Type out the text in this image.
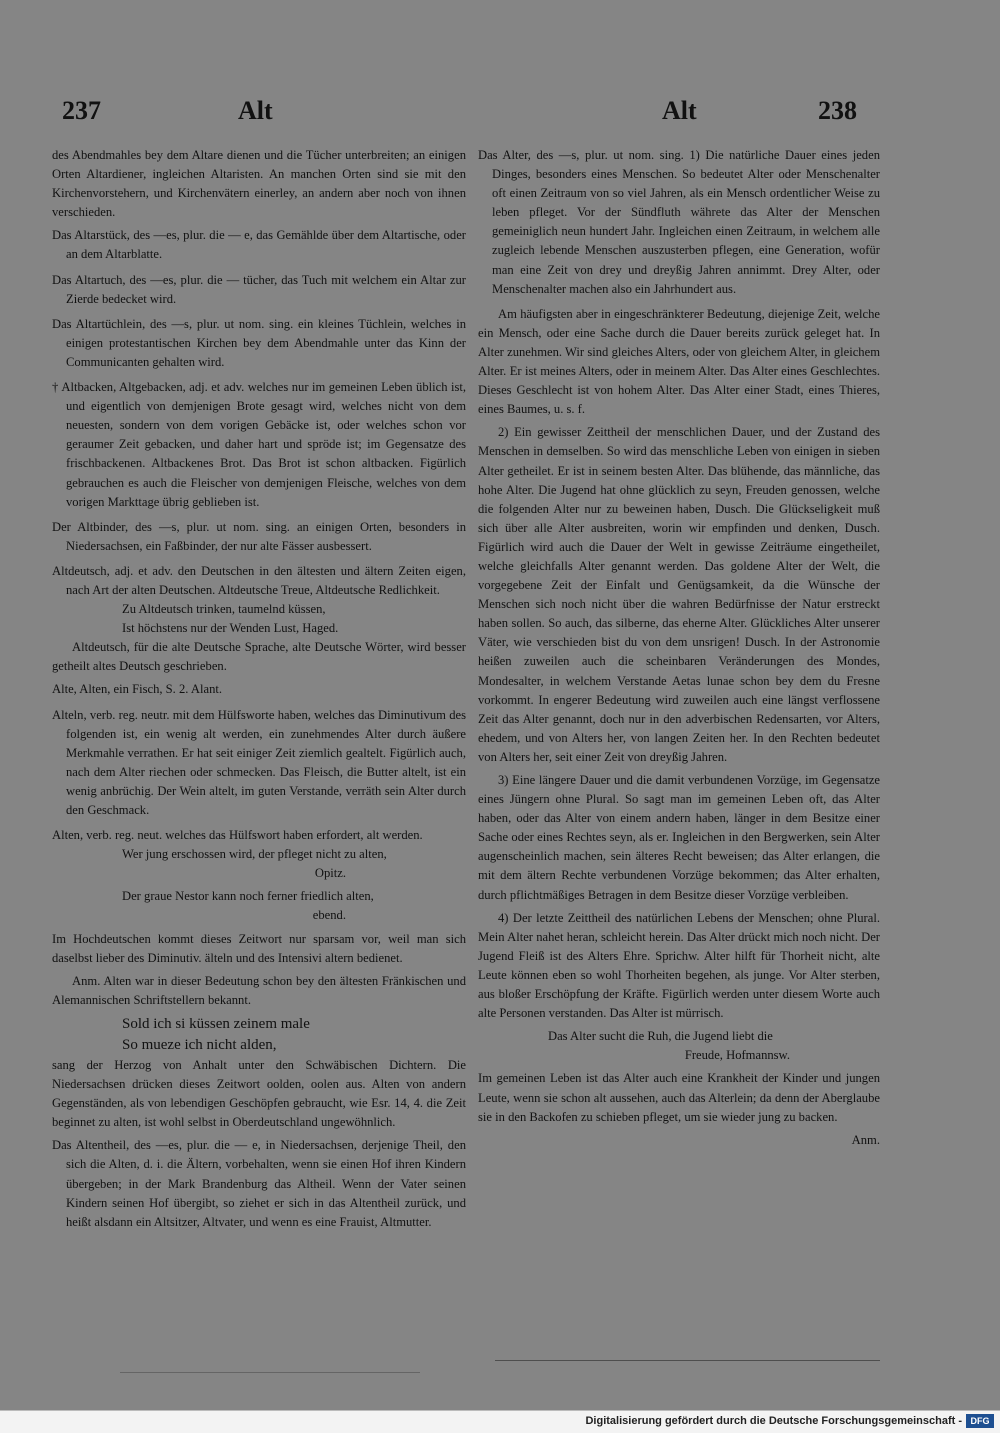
237	Alt	Alt	238

des Abendmahles bey dem Altare dienen und die Tücher unterbreiten; an einigen Orten Altardiener, ingleichen Altaristen. An manchen Orten sind sie mit den Kirchenvorstehern, und Kirchenvätern einerley, an andern aber noch von ihnen verschieden.

Das Altarstück, des —es, plur. die — e, das Gemählde über dem Altartische, oder an dem Altarblatte.

Das Altartuch, des —es, plur. die — tücher, das Tuch mit welchem ein Altar zur Zierde bedecket wird.

Das Altartüchlein, des —s, plur. ut nom. sing. ein kleines Tüchlein, welches in einigen protestantischen Kirchen bey dem Abendmahle unter das Kinn der Communicanten gehalten wird.

† Altbacken, Altgebacken, adj. et adv. welches nur im gemeinen Leben üblich ist, und eigentlich von demjenigen Brote gesagt wird, welches nicht von dem neuesten, sondern von dem vorigen Gebäcke ist, oder welches schon vor geraumer Zeit gebacken, und daher hart und spröde ist; im Gegensatze des frischbackenen. Altbackenes Brot. Das Brot ist schon altbacken. Figürlich gebrauchen es auch die Fleischer von demjenigen Fleische, welches von dem vorigen Markttage übrig geblieben ist.

Der Altbinder, des —s, plur. ut nom. sing. an einigen Orten, besonders in Niedersachsen, ein Faßbinder, der nur alte Fässer ausbessert.

Altdeutsch, adj. et adv. den Deutschen in den ältesten und ältern Zeiten eigen, nach Art der alten Deutschen. Altdeutsche Treue, Altdeutsche Redlichkeit.

Zu Altdeutsch trinken, taumelnd küssen,

Ist höchstens nur der Wenden Lust, Haged.

Altdeutsch, für die alte Deutsche Sprache, alte Deutsche Wörter, wird besser getheilt altes Deutsch geschrieben.

Alte, Alten, ein Fisch, S. 2. Alant.

Alteln, verb. reg. neutr. mit dem Hülfsworte haben, welches das Diminutivum des folgenden ist, ein wenig alt werden, ein zunehmendes Alter durch äußere Merkmahle verrathen. Er hat seit einiger Zeit ziemlich gealtelt. Figürlich auch, nach dem Alter riechen oder schmecken. Das Fleisch, die Butter altelt, ist ein wenig anbrüchig. Der Wein altelt, im guten Verstande, verräth sein Alter durch den Geschmack.

Alten, verb. reg. neut. welches das Hülfswort haben erfordert, alt werden.

Wer jung erschossen wird, der pfleget nicht zu alten,

Opitz.

Der graue Nestor kann noch ferner friedlich alten,

ebend.

Im Hochdeutschen kommt dieses Zeitwort nur sparsam vor, weil man sich daselbst lieber des Diminutiv. älteln und des Intensivi altern bedienet.

Anm. Alten war in dieser Bedeutung schon bey den ältesten Fränkischen und Alemannischen Schriftstellern bekannt.

Sold ich si küssen zeinem male

So mueze ich nicht alden,

sang der Herzog von Anhalt unter den Schwäbischen Dichtern. Die Niedersachsen drücken dieses Zeitwort oolden, oolen aus. Alten von andern Gegenständen, als von lebendigen Geschöpfen gebraucht, wie Esr. 14, 4. die Zeit beginnet zu alten, ist wohl selbst in Oberdeutschland ungewöhnlich.

Das Altentheil, des —es, plur. die — e, in Niedersachsen, derjenige Theil, den sich die Alten, d. i. die Ältern, vorbehalten, wenn sie einen Hof ihren Kindern übergeben; in der Mark Brandenburg das Altheil. Wenn der Vater seinen Kindern seinen Hof übergibt, so ziehet er sich in das Altentheil zurück, und heißt alsdann ein Altsitzer, Altvater, und wenn es eine Frauist, Altmutter.

Das Alter, des —s, plur. ut nom. sing. 1) Die natürliche Dauer eines jeden Dinges, besonders eines Menschen. So bedeutet Alter oder Menschenalter oft einen Zeitraum von so viel Jahren, als ein Mensch ordentlicher Weise zu leben pfleget. Vor der Sündfluth währete das Alter der Menschen gemeiniglich neun hundert Jahr. Ingleichen einen Zeitraum, in welchem alle zugleich lebende Menschen auszusterben pflegen, eine Generation, wofür man eine Zeit von drey und dreyßig Jahren annimmt. Drey Alter, oder Menschenalter machen also ein Jahrhundert aus.

Am häufigsten aber in eingeschränkterer Bedeutung, diejenige Zeit, welche ein Mensch, oder eine Sache durch die Dauer bereits zurück geleget hat. In Alter zunehmen. Wir sind gleiches Alters, oder von gleichem Alter, in gleichem Alter. Er ist meines Alters, oder in meinem Alter. Das Alter eines Geschlechtes. Dieses Geschlecht ist von hohem Alter. Das Alter einer Stadt, eines Thieres, eines Baumes, u. s. f.

2) Ein gewisser Zeittheil der menschlichen Dauer, und der Zustand des Menschen in demselben. So wird das menschliche Leben von einigen in sieben Alter getheilet. Er ist in seinem besten Alter. Das blühende, das männliche, das hohe Alter. Die Jugend hat ohne glücklich zu seyn, Freuden genossen, welche die folgenden Alter nur zu beweinen haben, Dusch. Die Glückseligkeit muß sich über alle Alter ausbreiten, worin wir empfinden und denken, Dusch. Figürlich wird auch die Dauer der Welt in gewisse Zeiträume eingetheilet, welche gleichfalls Alter genannt werden. Das goldene Alter der Welt, die vorgegebene Zeit der Einfalt und Genügsamkeit, da die Wünsche der Menschen sich noch nicht über die wahren Bedürfnisse der Natur erstreckt haben sollen. So auch, das silberne, das eherne Alter. Glückliches Alter unserer Väter, wie verschieden bist du von dem unsrigen! Dusch. In der Astronomie heißen zuweilen auch die scheinbaren Veränderungen des Mondes, Mondesalter, in welchem Verstande Aetas lunae schon bey dem du Fresne vorkommt. In engerer Bedeutung wird zuweilen auch eine längst verflossene Zeit das Alter genannt, doch nur in den adverbischen Redensarten, vor Alters, ehedem, und von Alters her, von langen Zeiten her. In den Rechten bedeutet von Alters her, seit einer Zeit von dreyßig Jahren.

3) Eine längere Dauer und die damit verbundenen Vorzüge, im Gegensatze eines Jüngern ohne Plural. So sagt man im gemeinen Leben oft, das Alter haben, oder das Alter von einem andern haben, länger in dem Besitze einer Sache oder eines Rechtes seyn, als er. Ingleichen in den Bergwerken, sein Alter augenscheinlich machen, sein älteres Recht beweisen; das Alter erlangen, die mit dem ältern Rechte verbundenen Vorzüge bekommen; das Alter erhalten, durch pflichtmäßiges Betragen in dem Besitze dieser Vorzüge verbleiben.

4) Der letzte Zeittheil des natürlichen Lebens der Menschen; ohne Plural. Mein Alter nahet heran, schleicht herein. Das Alter drückt mich noch nicht. Der Jugend Fleiß ist des Alters Ehre. Sprichw. Alter hilft für Thorheit nicht, alte Leute können eben so wohl Thorheiten begehen, als junge. Vor Alter sterben, aus bloßer Erschöpfung der Kräfte. Figürlich werden unter diesem Worte auch alte Personen verstanden. Das Alter ist mürrisch.

Das Alter sucht die Ruh, die Jugend liebt die

Freude, Hofmannsw.

Im gemeinen Leben ist das Alter auch eine Krankheit der Kinder und jungen Leute, wenn sie schon alt aussehen, auch das Alterlein; da denn der Aberglaube sie in den Backofen zu schieben pfleget, um sie wieder jung zu backen.

Anm.
Digitalisierung gefördert durch die Deutsche Forschungsgemeinschaft - DFG
